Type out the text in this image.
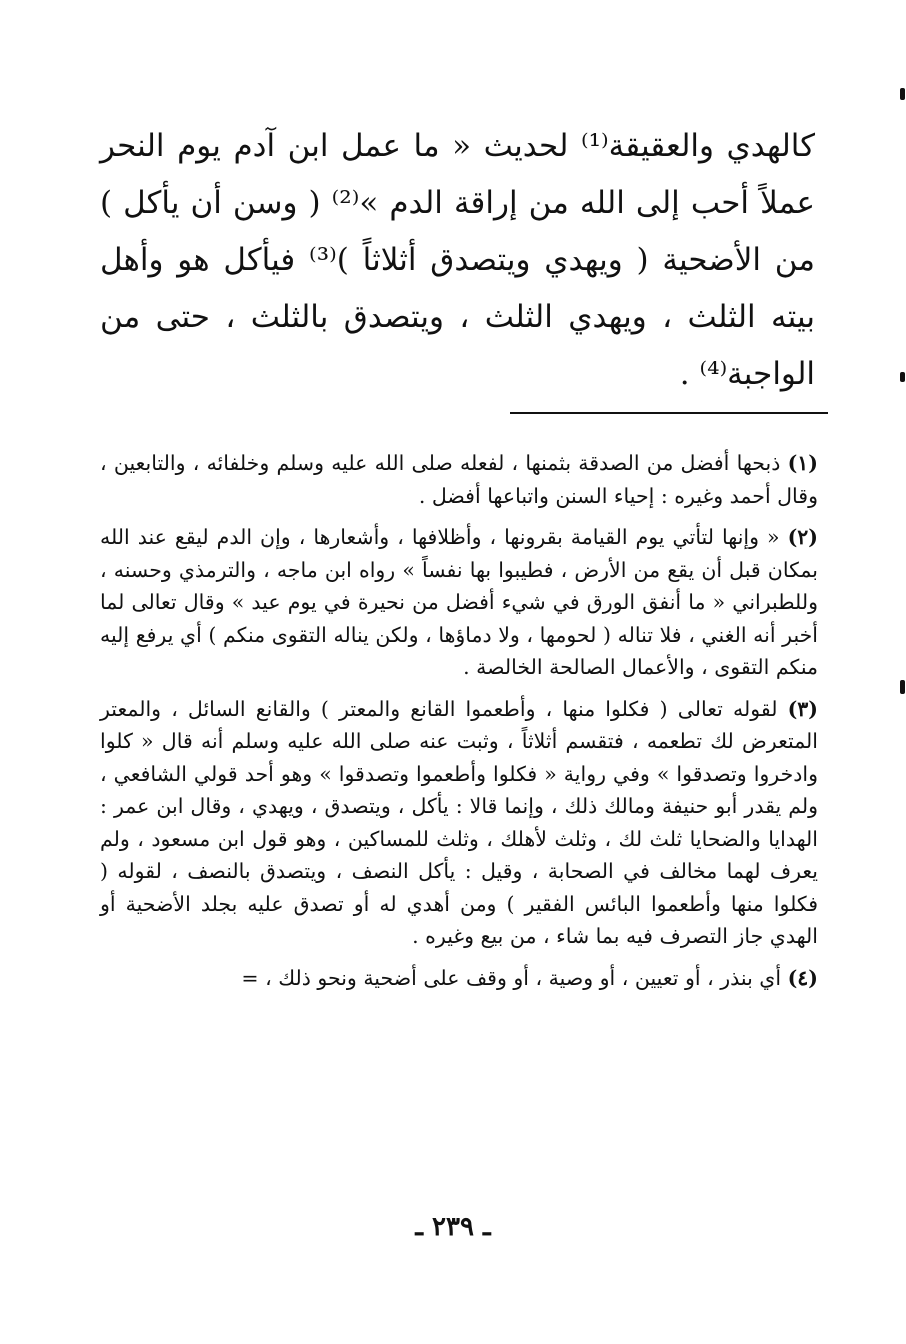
كالهدي والعقيقة⁽¹⁾ لحديث « ما عمل ابن آدم يوم النحر عملاً أحب إلى الله من إراقة الدم »⁽²⁾ ( وسن أن يأكل ) من الأضحية ( ويهدي ويتصدق أثلاثاً )⁽³⁾ فيأكل هو وأهل بيته الثلث ، ويهدي الثلث ، ويتصدق بالثلث ، حتى من الواجبة⁽⁴⁾ .

(١) ذبحها أفضل من الصدقة بثمنها ، لفعله صلى الله عليه وسلم وخلفائه ، والتابعين ، وقال أحمد وغيره : إحياء السنن واتباعها أفضل .

(٢) « وإنها لتأتي يوم القيامة بقرونها ، وأظلافها ، وأشعارها ، وإن الدم ليقع عند الله بمكان قبل أن يقع من الأرض ، فطيبوا بها نفساً » رواه ابن ماجه ، والترمذي وحسنه ، وللطبراني « ما أنفق الورق في شيء أفضل من نحيرة في يوم عيد » وقال تعالى لما أخبر أنه الغني ، فلا تناله ( لحومها ، ولا دماؤها ، ولكن يناله التقوى منكم ) أي يرفع إليه منكم التقوى ، والأعمال الصالحة الخالصة .

(٣) لقوله تعالى ( فكلوا منها ، وأطعموا القانع والمعتر ) والقانع السائل ، والمعتر المتعرض لك تطعمه ، فتقسم أثلاثاً ، وثبت عنه صلى الله عليه وسلم أنه قال « كلوا وادخروا وتصدقوا » وفي رواية « فكلوا وأطعموا وتصدقوا » وهو أحد قولي الشافعي ، ولم يقدر أبو حنيفة ومالك ذلك ، وإنما قالا : يأكل ، ويتصدق ، ويهدي ، وقال ابن عمر : الهدايا والضحايا ثلث لك ، وثلث لأهلك ، وثلث للمساكين ، وهو قول ابن مسعود ، ولم يعرف لهما مخالف في الصحابة ، وقيل : يأكل النصف ، ويتصدق بالنصف ، لقوله ( فكلوا منها وأطعموا البائس الفقير ) ومن أهدي له أو تصدق عليه بجلد الأضحية أو الهدي جاز التصرف فيه بما شاء ، من بيع وغيره .

(٤) أي بنذر ، أو تعيين ، أو وصية ، أو وقف على أضحية ونحو ذلك ، =

ـ ٢٣٩ ـ
